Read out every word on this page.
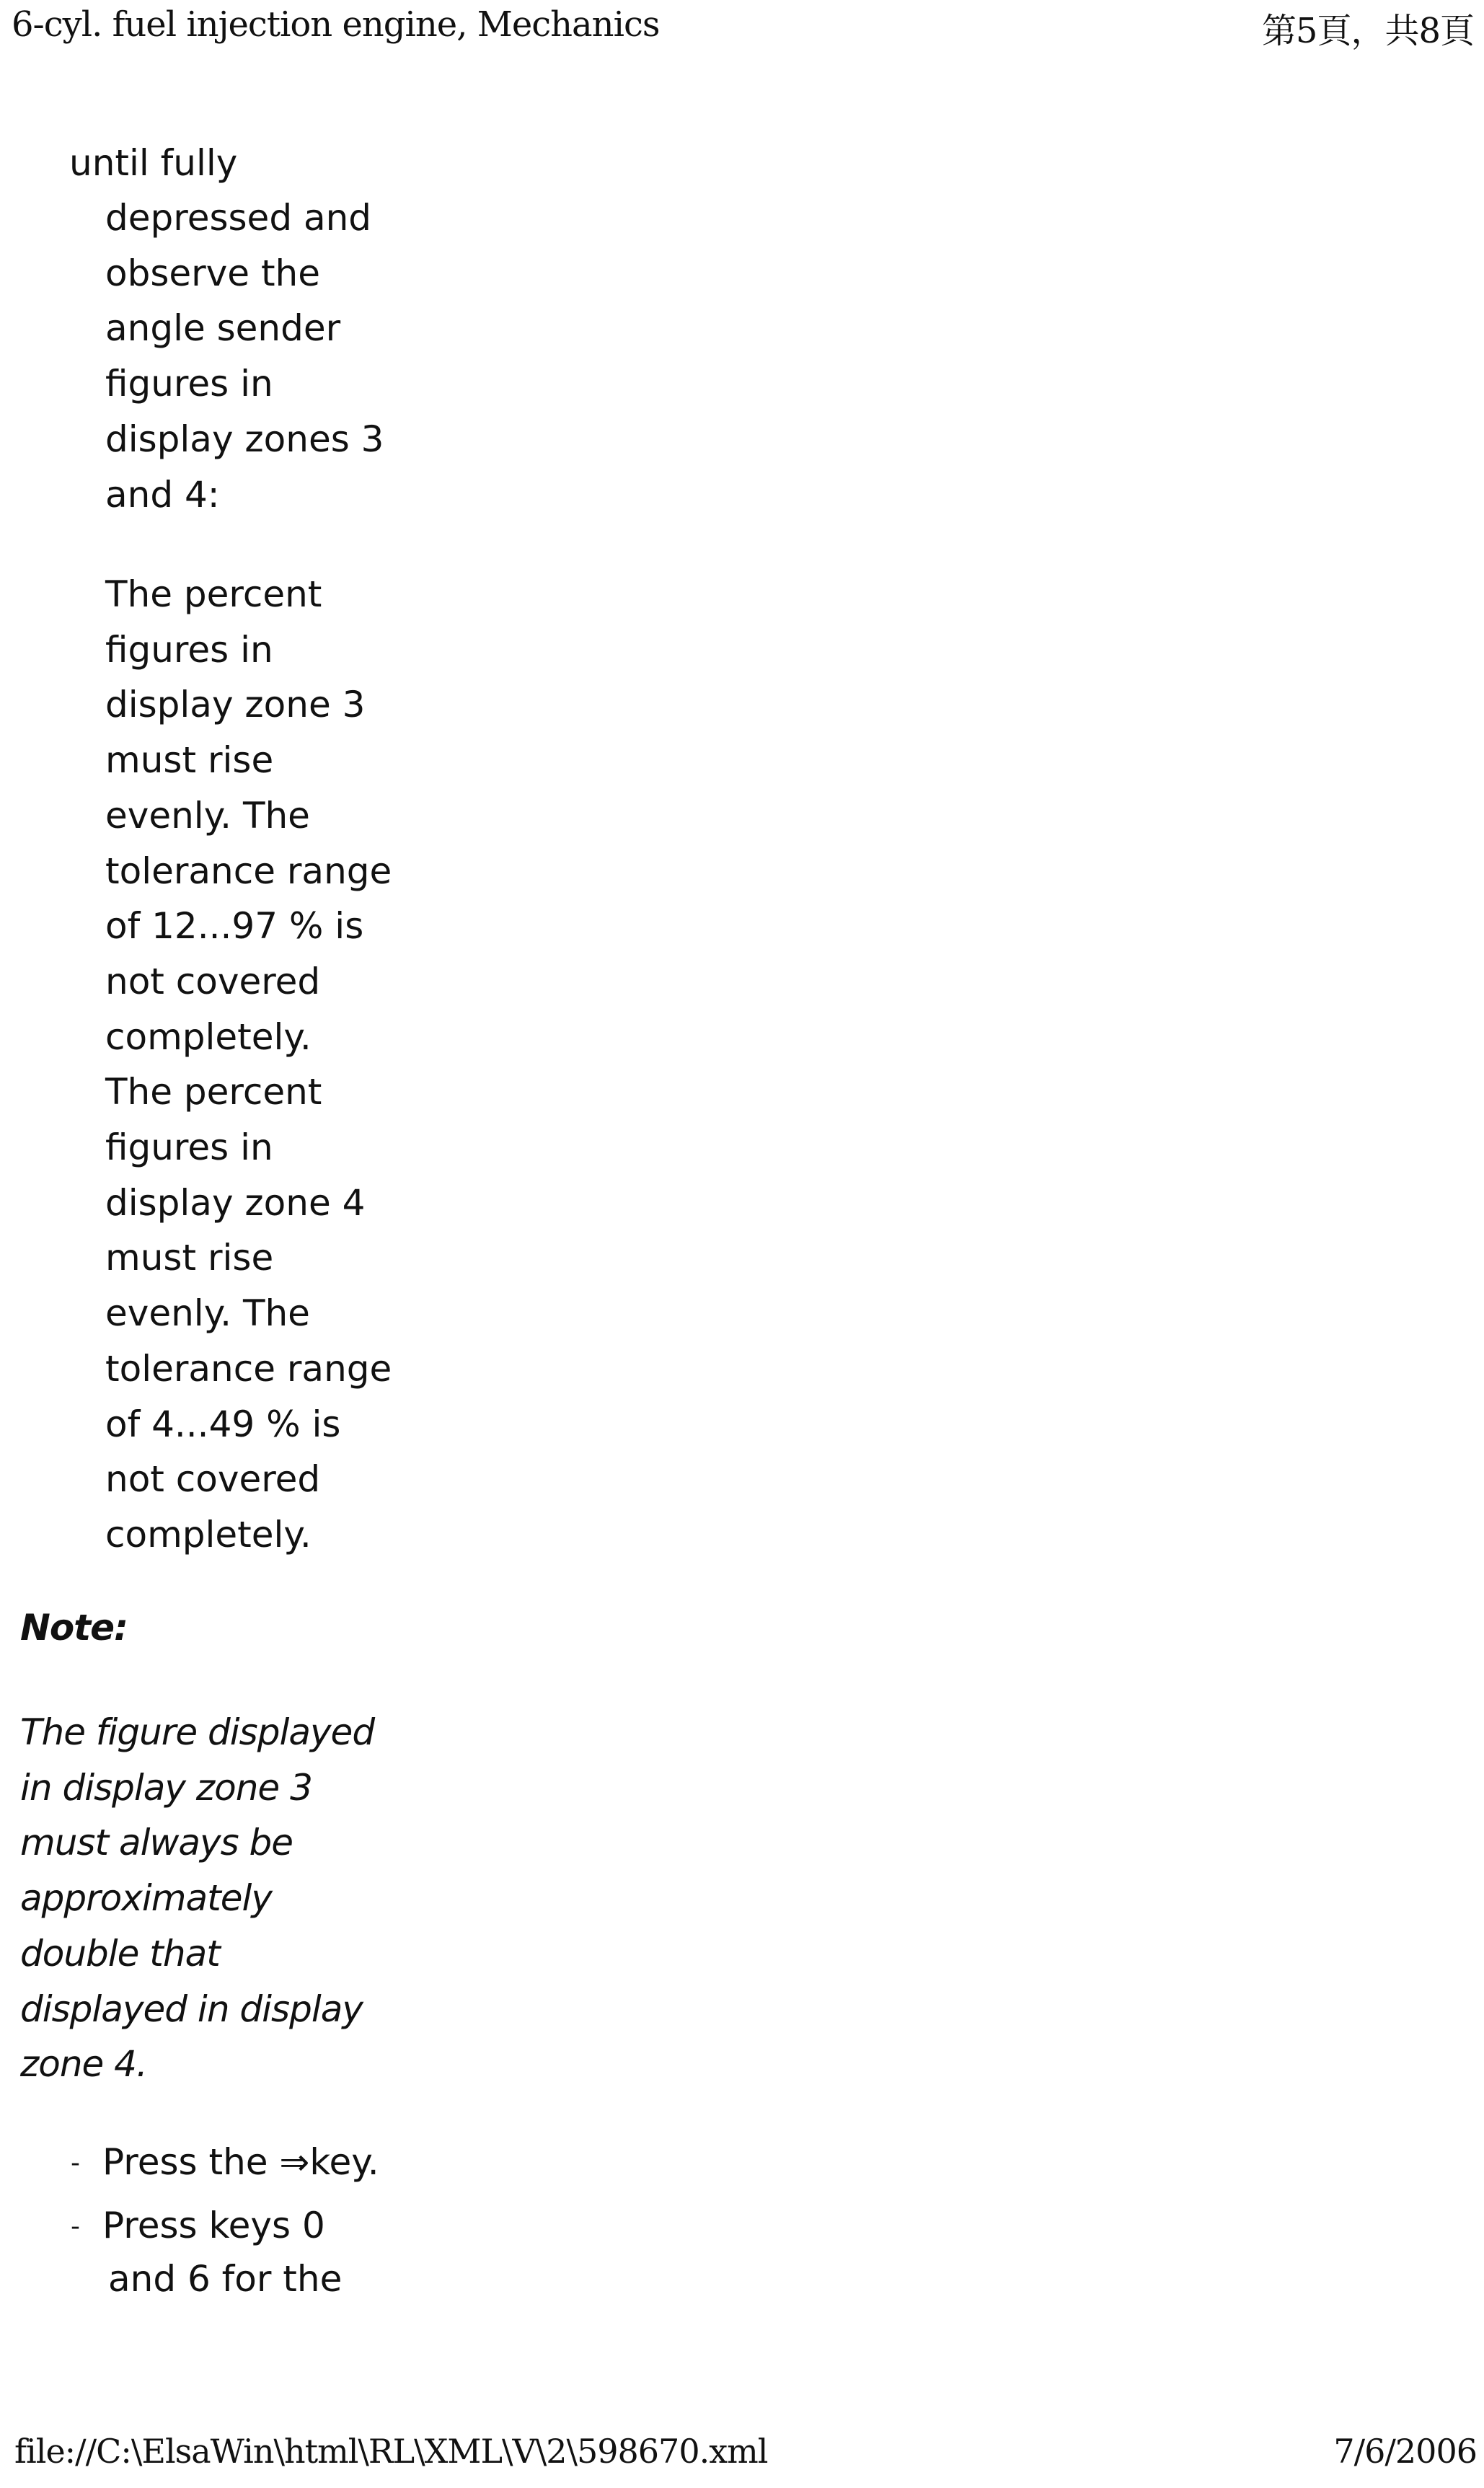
6-cyl. fuel injection engine, Mechanics	第5頁，共8頁
until fully
depressed and
observe the
angle sender
figures in
display zones 3
and 4:
The percent
figures in
display zone 3
must rise
evenly. The
tolerance range
of 12...97 % is
not covered
completely.
The percent
figures in
display zone 4
must rise
evenly. The
tolerance range
of 4...49 % is
not covered
completely.
Note:
The figure displayed
in display zone 3
must always be
approximately
double that
displayed in display
zone 4.
- Press the ⇒key.
- Press keys 0
and 6 for the
file://C:\ElsaWin\html\RL\XML\V\2\598670.xml	7/6/2006
